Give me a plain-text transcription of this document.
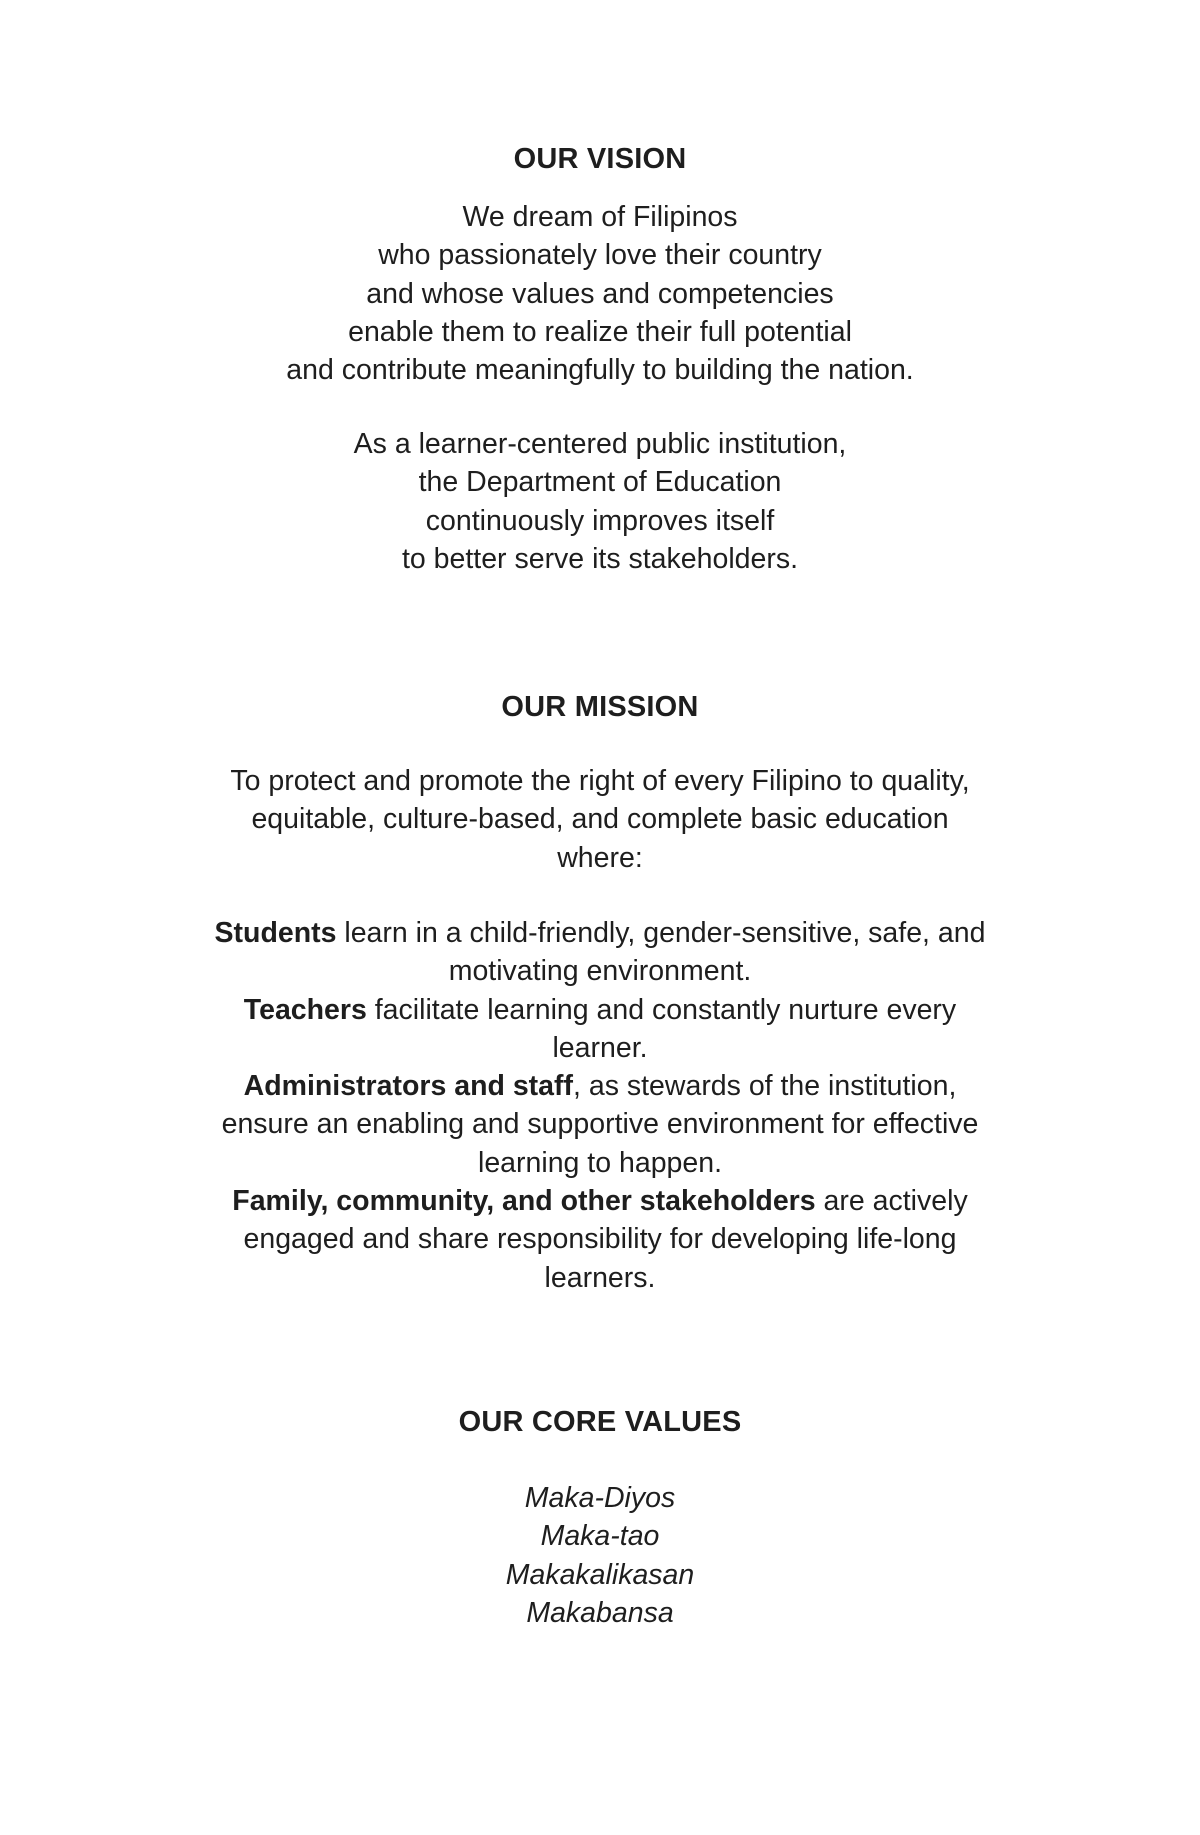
OUR VISION
We dream of Filipinos
who passionately love their country
and whose values and competencies
enable them to realize their full potential
and contribute meaningfully to building the nation.
As a learner-centered public institution,
the Department of Education
continuously improves itself
to better serve its stakeholders.
OUR MISSION
To protect and promote the right of every Filipino to quality,
equitable, culture-based, and complete basic education
where:
Students learn in a child-friendly, gender-sensitive, safe, and
motivating environment.
Teachers facilitate learning and constantly nurture every
learner.
Administrators and staff, as stewards of the institution,
ensure an enabling and supportive environment for effective
learning to happen.
Family, community, and other stakeholders are actively
engaged and share responsibility for developing life-long
learners.
OUR CORE VALUES
Maka-Diyos
Maka-tao
Makakalikasan
Makabansa
